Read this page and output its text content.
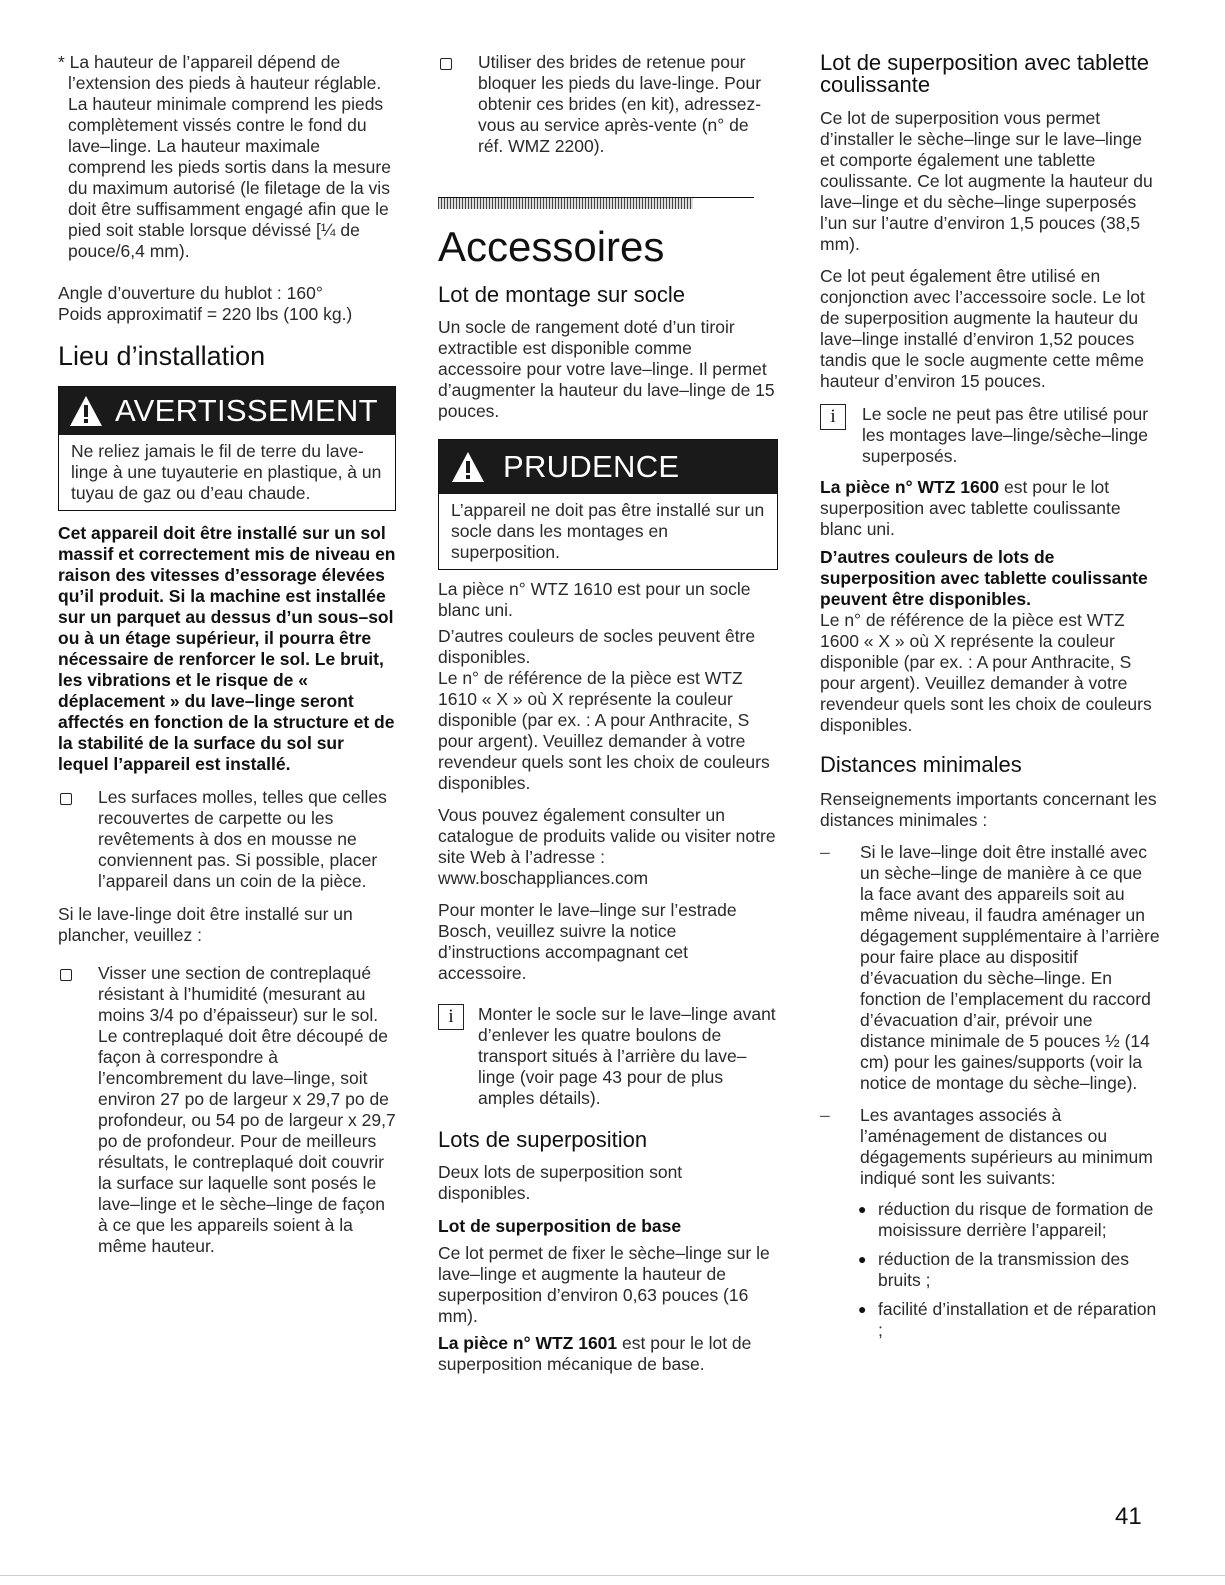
* La hauteur de l’appareil dépend de l’extension des pieds à hauteur réglable. La hauteur minimale comprend les pieds complètement vissés contre le fond du lave–linge. La hauteur maximale comprend les pieds sortis dans la mesure du maximum autorisé (le filetage de la vis doit être suffisamment engagé afin que le pied soit stable lorsque dévissé [¼ de pouce/6,4 mm).

Angle d’ouverture du hublot : 160°

Poids approximatif = 220 lbs (100 kg.)

Lieu d’installation
AVERTISSEMENT

Ne reliez jamais le fil de terre du lave-linge à une tuyauterie en plastique, à un tuyau de gaz ou d’eau chaude.

Cet appareil doit être installé sur un sol massif et correctement mis de niveau en raison des vitesses d’essorage élevées qu’il produit. Si la machine est installée sur un parquet au dessus d’un sous–sol ou à un étage supérieur, il pourra être nécessaire de renforcer le sol. Le bruit, les vibrations et le risque de « déplacement » du lave–linge seront affectés en fonction de la structure et de la stabilité de la surface du sol sur lequel l’appareil est installé.

Les surfaces molles, telles que celles recouvertes de carpette ou les revêtements à dos en mousse ne conviennent pas. Si possible, placer l’appareil dans un coin de la pièce.

Si le lave-linge doit être installé sur un plancher, veuillez :

Visser une section de contreplaqué résistant à l’humidité (mesurant au moins 3/4 po d’épaisseur) sur le sol. Le contreplaqué doit être découpé de façon à correspondre à l’encombrement du lave–linge, soit environ 27 po de largeur x 29,7 po de profondeur, ou 54 po de largeur x 29,7 po de profondeur. Pour de meilleurs résultats, le contreplaqué doit couvrir la surface sur laquelle sont posés le lave–linge et le sèche–linge de façon à ce que les appareils soient à la même hauteur.

Utiliser des brides de retenue pour bloquer les pieds du lave-linge. Pour obtenir ces brides (en kit), adressez-vous au service après-vente (n° de réf. WMZ 2200).

Accessoires
Lot de montage sur socle

Un socle de rangement doté d’un tiroir extractible est disponible comme accessoire pour votre lave–linge. Il permet d’augmenter la hauteur du lave–linge de 15 pouces.

PRUDENCE

L’appareil ne doit pas être installé sur un socle dans les montages en superposition.

La pièce n° WTZ 1610 est pour un socle blanc uni.

D’autres couleurs de socles peuvent être disponibles.
Le n° de référence de la pièce est WTZ 1610 « X » où X représente la couleur disponible (par ex. : A pour Anthracite, S pour argent). Veuillez demander à votre revendeur quels sont les choix de couleurs disponibles.

Vous pouvez également consulter un catalogue de produits valide ou visiter notre site Web à l’adresse : www.boschappliances.com

Pour monter le lave–linge sur l’estrade Bosch, veuillez suivre la notice d’instructions accompagnant cet accessoire.

i	Monter le socle sur le lave–linge avant d’enlever les quatre boulons de transport situés à l’arrière du lave–linge (voir page 43 pour de plus amples détails).

Lots de superposition

Deux lots de superposition sont disponibles.

Lot de superposition de base

Ce lot permet de fixer le sèche–linge sur le lave–linge et augmente la hauteur de superposition d’environ 0,63 pouces (16 mm).

La pièce n° WTZ 1601 est pour le lot de superposition mécanique de base.

Lot de superposition avec tablette coulissante

Ce lot de superposition vous permet d’installer le sèche–linge sur le lave–linge et comporte également une tablette coulissante. Ce lot augmente la hauteur du lave–linge et du sèche–linge superposés l’un sur l’autre d’environ 1,5 pouces (38,5 mm).

Ce lot peut également être utilisé en conjonction avec l’accessoire socle. Le lot de superposition augmente la hauteur du lave–linge installé d’environ 1,52 pouces tandis que le socle augmente cette même hauteur d’environ 15 pouces.

i	Le socle ne peut pas être utilisé pour les montages lave–linge/sèche–linge superposés.

La pièce n° WTZ 1600 est pour le lot superposition avec tablette coulissante blanc uni.

D’autres couleurs de lots de superposition avec tablette coulissante peuvent être disponibles.

Le n° de référence de la pièce est WTZ 1600 « X » où X représente la couleur disponible (par ex. : A pour Anthracite, S pour argent). Veuillez demander à votre revendeur quels sont les choix de couleurs disponibles.

Distances minimales

Renseignements importants concernant les distances minimales :

–	Si le lave–linge doit être installé avec un sèche–linge de manière à ce que la face avant des appareils soit au même niveau, il faudra aménager un dégagement supplémentaire à l’arrière pour faire place au dispositif d’évacuation du sèche–linge. En fonction de l’emplacement du raccord d’évacuation d’air, prévoir une distance minimale de 5 pouces ½ (14 cm) pour les gaines/supports (voir la notice de montage du sèche–linge).

–	Les avantages associés à l’aménagement de distances ou dégagements supérieurs au minimum indiqué sont les suivants:

● réduction du risque de formation de moisissure derrière l’appareil;

● réduction de la transmission des bruits ;

● facilité d’installation et de réparation ;

41
